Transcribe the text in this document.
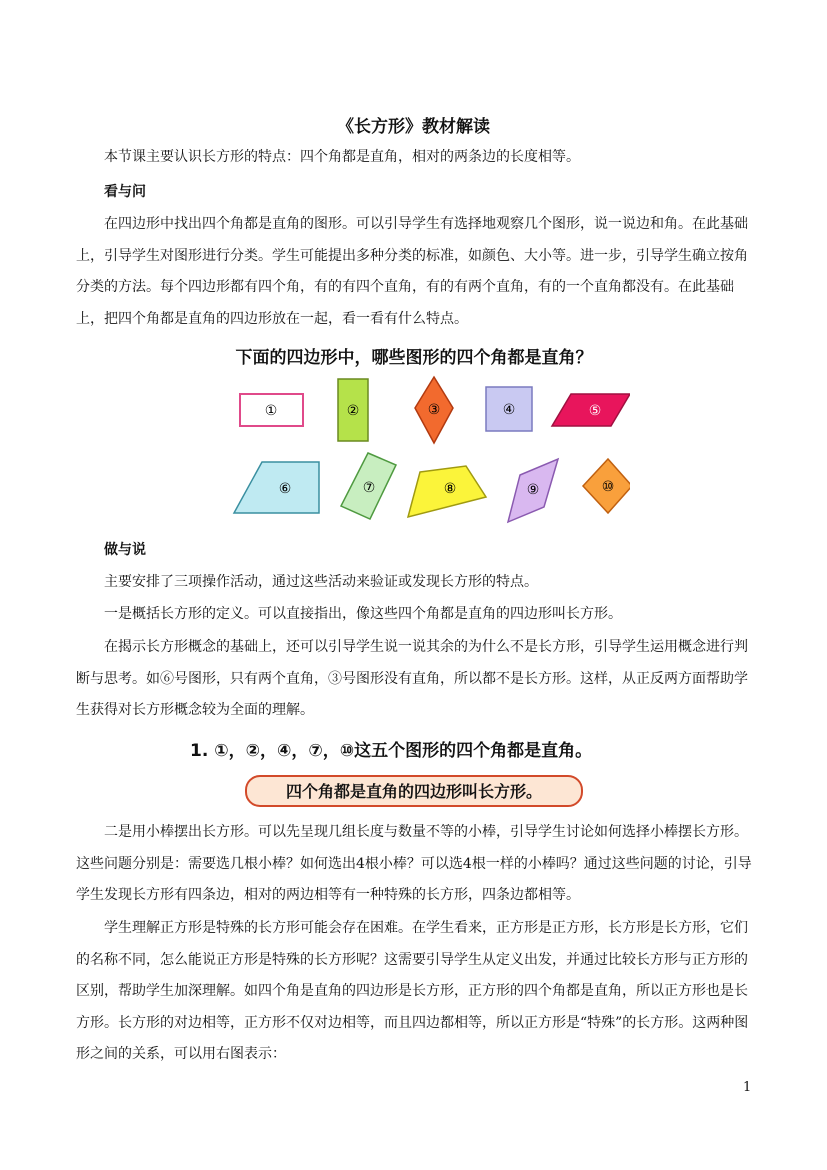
《长方形》教材解读

本节课主要认识长方形的特点：四个角都是直角，相对的两条边的长度相等。

看与问

在四边形中找出四个角都是直角的图形。可以引导学生有选择地观察几个图形，说一说边和角。在此基础上，引导学生对图形进行分类。学生可能提出多种分类的标准，如颜色、大小等。进一步，引导学生确立按角分类的方法。每个四边形都有四个角，有的有四个直角，有的有两个直角，有的一个直角都没有。在此基础上，把四个角都是直角的四边形放在一起，看一看有什么特点。

下面的四边形中，哪些图形的四个角都是直角？
①	②	③	④	⑤
⑥	⑦	⑧	⑨	⑩

做与说

主要安排了三项操作活动，通过这些活动来验证或发现长方形的特点。

一是概括长方形的定义。可以直接指出，像这些四个角都是直角的四边形叫长方形。

在揭示长方形概念的基础上，还可以引导学生说一说其余的为什么不是长方形，引导学生运用概念进行判断与思考。如⑥号图形，只有两个直角，③号图形没有直角，所以都不是长方形。这样，从正反两方面帮助学生获得对长方形概念较为全面的理解。

1. ①，②，④，⑦，⑩这五个图形的四个角都是直角。
四个角都是直角的四边形叫长方形。

二是用小棒摆出长方形。可以先呈现几组长度与数量不等的小棒，引导学生讨论如何选择小棒摆长方形。这些问题分别是：需要选几根小棒？如何选出4根小棒？可以选4根一样的小棒吗？通过这些问题的讨论，引导学生发现长方形有四条边，相对的两边相等有一种特殊的长方形，四条边都相等。

学生理解正方形是特殊的长方形可能会存在困难。在学生看来，正方形是正方形，长方形是长方形，它们的名称不同，怎么能说正方形是特殊的长方形呢？这需要引导学生从定义出发，并通过比较长方形与正方形的区别，帮助学生加深理解。如四个角是直角的四边形是长方形，正方形的四个角都是直角，所以正方形也是长方形。长方形的对边相等，正方形不仅对边相等，而且四边都相等，所以正方形是“特殊”的长方形。这两种图形之间的关系，可以用右图表示：

1
